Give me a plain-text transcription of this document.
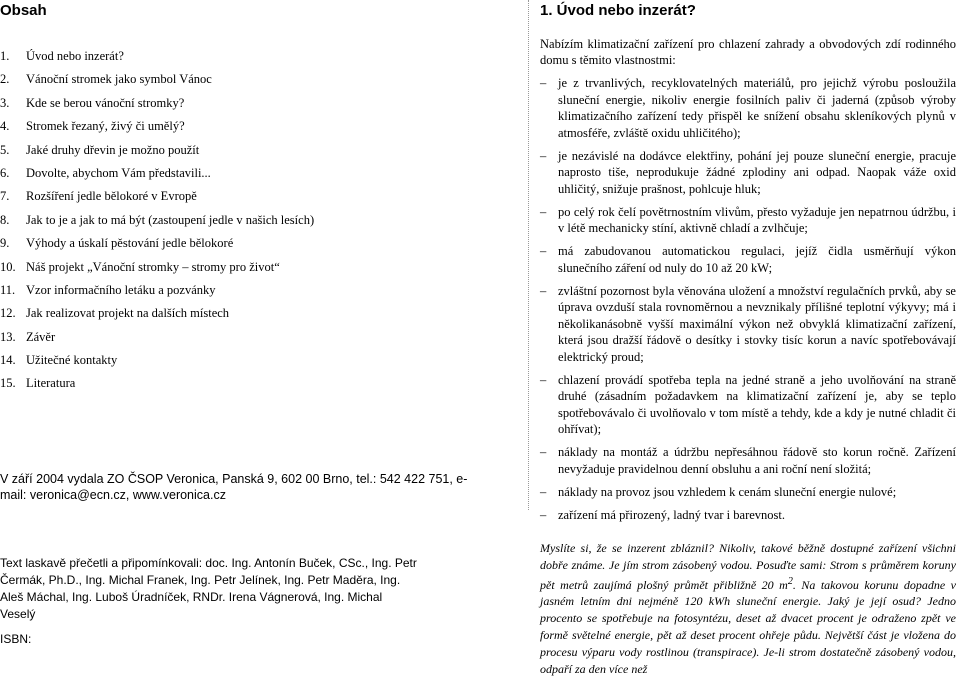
Obsah
1. Úvod nebo inzerát?
2. Vánoční stromek jako symbol Vánoc
3. Kde se berou vánoční stromky?
4. Stromek řezaný, živý či umělý?
5. Jaké druhy dřevin je možno použít
6. Dovolte, abychom Vám představili...
7. Rozšíření jedle bělokoré v Evropě
8. Jak to je a jak to má být (zastoupení jedle v našich lesích)
9. Výhody a úskalí pěstování jedle bělokoré
10. Náš projekt „Vánoční stromky – stromy pro život“
11. Vzor informačního letáku a pozvánky
12. Jak realizovat projekt na dalších místech
13. Závěr
14. Užitečné kontakty
15. Literatura
V září 2004 vydala ZO ČSOP Veronica, Panská 9, 602 00 Brno, tel.: 542 422 751, e-mail: veronica@ecn.cz, www.veronica.cz
Text laskavě přečetli a připomínkovali: doc. Ing. Antonín Buček, CSc., Ing. Petr Čermák, Ph.D., Ing. Michal Franek, Ing. Petr Jelínek, Ing. Petr Maděra, Ing. Aleš Máchal, Ing. Luboš Úradníček, RNDr. Irena Vágnerová, Ing. Michal Veselý
ISBN:
1. Úvod nebo inzerát?
Nabízím klimatizační zařízení pro chlazení zahrady a obvodových zdí rodinného domu s těmito vlastnostmi:
– je z trvanlivých, recyklovatelných materiálů, pro jejichž výrobu posloužila sluneční energie, nikoliv energie fosilních paliv či jaderná (způsob výroby klimatizačního zařízení tedy přispěl ke snížení obsahu skleníkových plynů v atmosféře, zvláště oxidu uhličitého);
– je nezávislé na dodávce elektřiny, pohání jej pouze sluneční energie, pracuje naprosto tiše, neprodukuje žádné zplodiny ani odpad. Naopak váže oxid uhličitý, snižuje prašnost, pohlcuje hluk;
– po celý rok čelí povětrnostním vlivům, přesto vyžaduje jen nepatrnou údržbu, i v létě mechanicky stíní, aktivně chladí a zvlhčuje;
– má zabudovanou automatickou regulaci, jejíž čidla usměrňují výkon slunečního záření od nuly do 10 až 20 kW;
– zvláštní pozornost byla věnována uložení a množství regulačních prvků, aby se úprava ovzduší stala rovnoměrnou a nevznikaly přílišné teplotní výkyvy; má i několikanásobně vyšší maximální výkon než obvyklá klimatizační zařízení, která jsou dražší řádově o desítky i stovky tisíc korun a navíc spotřebovávají elektrický proud;
– chlazení provádí spotřeba tepla na jedné straně a jeho uvolňování na straně druhé (zásadním požadavkem na klimatizační zařízení je, aby se teplo spotřebovávalo či uvolňovalo v tom místě a tehdy, kde a kdy je nutné chladit či ohřívat);
– náklady na montáž a údržbu nepřesáhnou řádově sto korun ročně. Zařízení nevyžaduje pravidelnou denní obsluhu a ani roční není složitá;
– náklady na provoz jsou vzhledem k cenám sluneční energie nulové;
– zařízení má přirozený, ladný tvar i barevnost.
Myslíte si, že se inzerent zbláznil? Nikoliv, takové běžně dostupné zařízení všichni dobře známe. Je jím strom zásobený vodou. Posuďte sami: Strom s průměrem koruny pět metrů zaujímá plošný průmět přibližně 20 $m^2$. Na takovou korunu dopadne v jasném letním dni nejméně 120 kWh sluneční energie. Jaký je její osud? Jedno procento se spotřebuje na fotosyntézu, deset až dvacet procent je odraženo zpět ve formě světelné energie, pět až deset procent ohřeje půdu. Největší část je vložena do procesu výparu vody rostlinou (transpirace). Je-li strom dostatečně zásobený vodou, odpaří za den více než
